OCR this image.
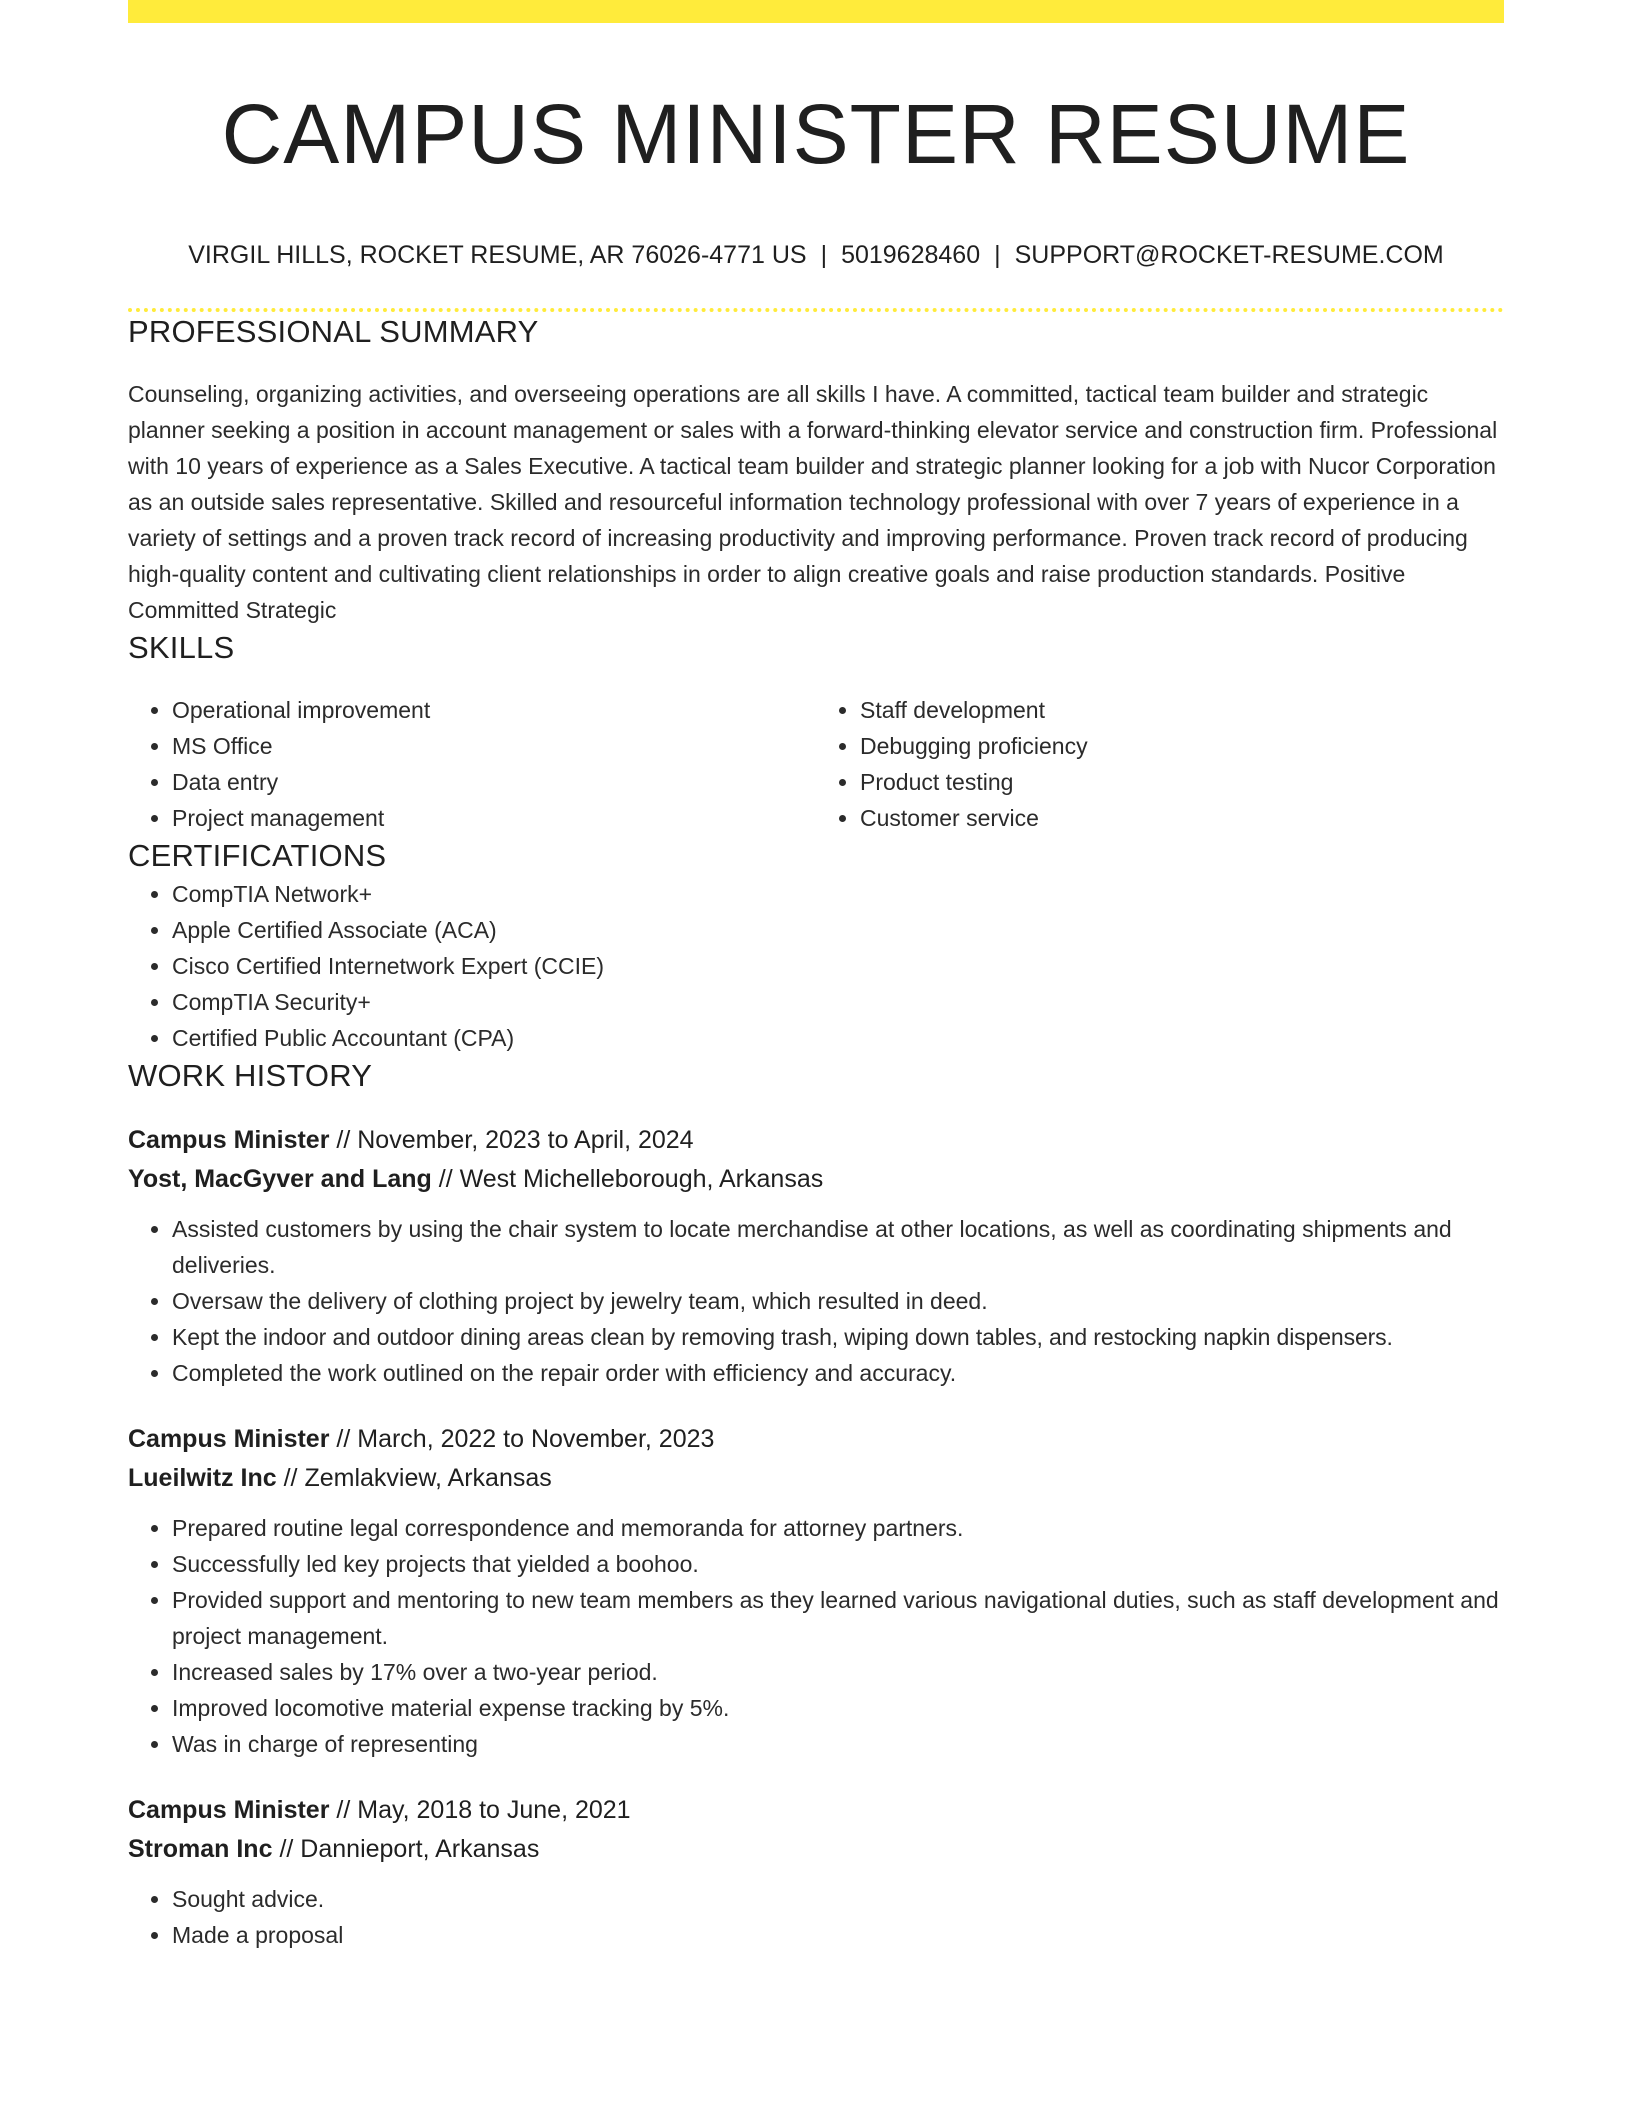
CAMPUS MINISTER RESUME
VIRGIL HILLS, ROCKET RESUME, AR 76026-4771 US | 5019628460 | SUPPORT@ROCKET-RESUME.COM
PROFESSIONAL SUMMARY

Counseling, organizing activities, and overseeing operations are all skills I have. A committed, tactical team builder and strategic planner seeking a position in account management or sales with a forward-thinking elevator service and construction firm. Professional with 10 years of experience as a Sales Executive. A tactical team builder and strategic planner looking for a job with Nucor Corporation as an outside sales representative. Skilled and resourceful information technology professional with over 7 years of experience in a variety of settings and a proven track record of increasing productivity and improving performance. Proven track record of producing high-quality content and cultivating client relationships in order to align creative goals and raise production standards. Positive Committed Strategic

SKILLS
• Operational improvement
• MS Office
• Data entry
• Project management
• Staff development
• Debugging proficiency
• Product testing
• Customer service
CERTIFICATIONS
• CompTIA Network+
• Apple Certified Associate (ACA)
• Cisco Certified Internetwork Expert (CCIE)
• CompTIA Security+
• Certified Public Accountant (CPA)
WORK HISTORY
Campus Minister // November, 2023 to April, 2024
Yost, MacGyver and Lang // West Michelleborough, Arkansas
• Assisted customers by using the chair system to locate merchandise at other locations, as well as coordinating shipments and deliveries.
• Oversaw the delivery of clothing project by jewelry team, which resulted in deed.
• Kept the indoor and outdoor dining areas clean by removing trash, wiping down tables, and restocking napkin dispensers.
• Completed the work outlined on the repair order with efficiency and accuracy.
Campus Minister // March, 2022 to November, 2023
Lueilwitz Inc // Zemlakview, Arkansas
• Prepared routine legal correspondence and memoranda for attorney partners.
• Successfully led key projects that yielded a boohoo.
• Provided support and mentoring to new team members as they learned various navigational duties, such as staff development and project management.
• Increased sales by 17% over a two-year period.
• Improved locomotive material expense tracking by 5%.
• Was in charge of representing
Campus Minister // May, 2018 to June, 2021
Stroman Inc // Dannieport, Arkansas
• Sought advice.
• Made a proposal
